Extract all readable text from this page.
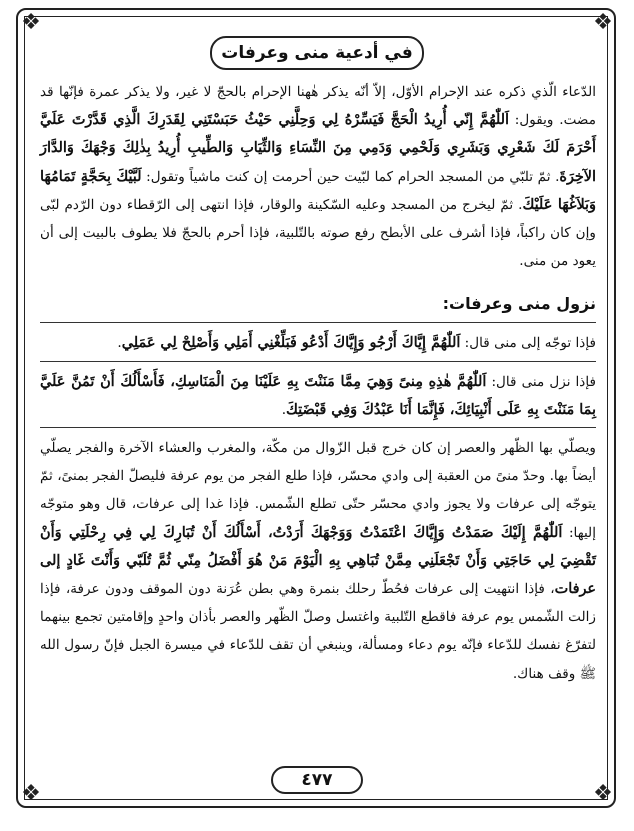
❖	❖
❖	❖
في أدعية منى وعرفات

الدّعاء الّذي ذكره عند الإحرام الأوّل، إلاّ أنّه يذكر هٰهنا الإحرام بالحجّ لا غير، ولا يذكر عمرة فإنّها قد مضت. ويقول: اَللّٰهُمَّ إِنّي أُرِيدُ الْحَجَّ فَيَسِّرْهُ لِي وَحِلَّنِي حَيْثُ حَبَسْتَنِي لِقَدَرِكَ الَّذِي قَدَّرْتَ عَلَيَّ أَحْرَمَ لَكَ شَعْرِي وَبَشَرِي وَلَحْمِي وَدَمِي مِنَ النِّسَاءِ وَالثِّيَابِ وَالطِّيبِ أُرِيدُ بِذٰلِكَ وَجْهَكَ وَالدَّارَ الآخِرَةَ. ثمّ تلبّي من المسجد الحرام كما لبّيت حين أحرمت إن كنت ماشياً وتقول: لَبَّيْكَ بِحَجَّةٍ تَمَامُهَا وَبَلاَغُهَا عَلَيْكَ. ثمّ ليخرج من المسجد وعليه السّكينة والوقار، فإذا انتهى إلى الرّقطاء دون الرّدم لبّى وإن كان راكباً، فإذا أشرف على الأبطح رفع صوته بالتّلبية، فإذا أحرم بالحجّ فلا يطوف بالبيت إلى أن يعود من منى.

نزول منى وعرفات:

فإذا توجّه إلى منى قال: اَللّٰهُمَّ إِيَّاكَ أَرْجُو وَإِيَّاكَ أَدْعُو فَبَلِّغْنِي أَمَلِي وَأَصْلِحْ لِي عَمَلِي.

فإذا نزل منى قال: اَللّٰهُمَّ هٰذِهِ مِنىً وَهِيَ مِمَّا مَنَنْتَ بِهِ عَلَيْنَا مِنَ الْمَنَاسِكِ، فَأَسْأَلُكَ أَنْ تَمُنَّ عَلَيَّ بِمَا مَنَنْتَ بِهِ عَلَى أَنْبِيَائِكَ، فَإِنَّمَا أَنَا عَبْدُكَ وَفِي قَبْضَتِكَ.

ويصلّي بها الظّهر والعصر إن كان خرج قبل الزّوال من مكّة، والمغرب والعشاء الآخرة والفجر يصلّي أيضاً بها. وحدّ منىً من العقبة إلى وادي محسّر، فإذا طلع الفجر من يوم عرفة فليصلّ الفجر بمنىً، ثمّ يتوجّه إلى عرفات ولا يجوز وادي محسّر حتّى تطلع الشّمس. فإذا غدا إلى عرفات، قال وهو متوجّه إليها: اَللّٰهُمَّ إِلَيْكَ صَمَدْتُ وَإِيَّاكَ اعْتَمَدْتُ وَوَجْهَكَ أَرَدْتُ، أَسْأَلُكَ أَنْ تُبَارِكَ لِي فِي رِحْلَتِي وَأَنْ تَقْضِيَ لِي حَاجَتِي وَأَنْ تَجْعَلَنِي مِمَّنْ تُبَاهِي بِهِ الْيَوْمَ مَنْ هُوَ أَفْضَلُ مِنّي ثُمَّ تُلَبّي وَأَنْتَ غَادٍ إلى عرفات، فإذا انتهيت إلى عرفات فحُطّ رحلك بنمرة وهي بطن عُرَنة دون الموقف ودون عرفة، فإذا زالت الشّمس يوم عرفة فاقطع التّلبية واغتسل وصلّ الظّهر والعصر بأذان واحدٍ وإقامتين تجمع بينهما لتفرّغ نفسك للدّعاء فإنّه يوم دعاء ومسألة، وينبغي أن تقف للدّعاء في ميسرة الجبل فإنّ رسول الله ﷺ وقف هناك.

٤٧٧
